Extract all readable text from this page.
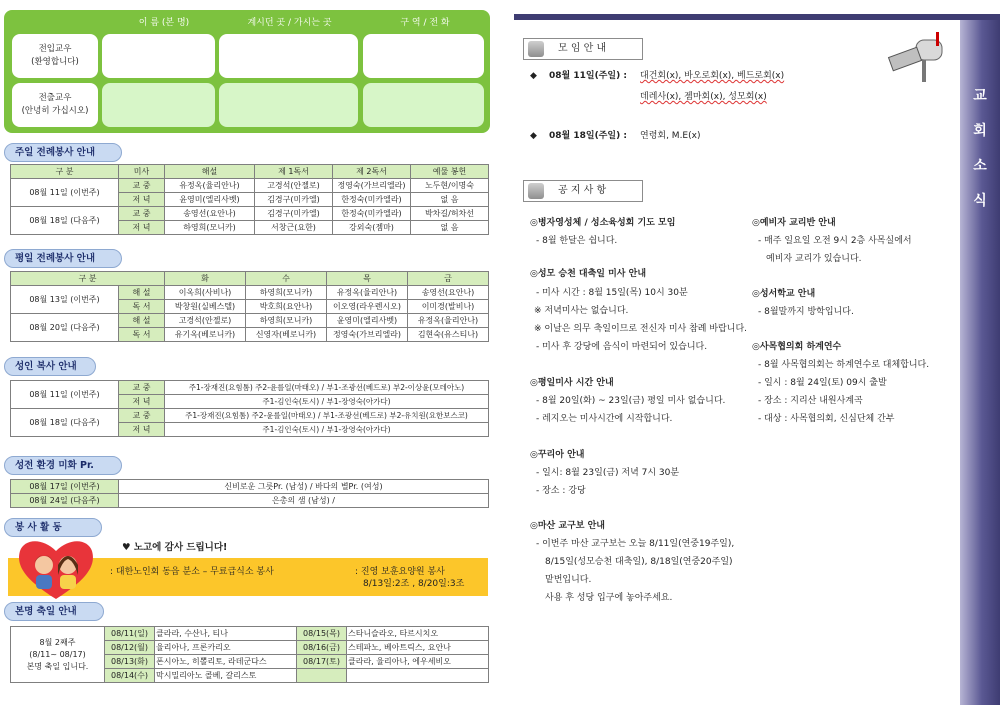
이 름 (본 명)	계시던 곳 / 가시는 곳	구 역 / 전 화
전입교우
(환영합니다)
전출교우
(안녕히 가십시오)
주일 전례봉사 안내
구 분	미사	해설	제 1독서	제 2독서	예물 봉헌
08월 11일 (이번주)	교 중	유정옥(율리안나)	고경석(안젤로)	정영숙(가브리엘라)	노두현/이명숙
	저 녁	윤영미(엘리사벳)	김경구(미카엘)	한정숙(미카엘라)	없 음
08월 18일 (다음주)	교 중	송영선(요안나)	김경구(미카엘)	한정숙(미카엘라)	박차길/허차선
	저 녁	하영희(모니카)	서창근(요한)	강외숙(젬마)	없 음
평일 전례봉사 안내
구 분		화	수	목	금
08월 13일 (이번주)	해 설	이옥희(사비나)	하영희(모니카)	유정옥(율리안나)	송영선(요안나)
	독 서	박창원(실베스텔)	박호희(요안나)	이오영(라우렌시오)	이미경(발비나)
08월 20일 (다음주)	해 설	고경석(안젤로)	하영희(모니카)	윤영미(엘리사벳)	유정옥(율리안나)
	독 서	유기옥(베로니카)	신영자(베로니카)	정영숙(가브리엘라)	김현숙(유스티나)
성인 복사 안내
08월 11일 (이번주)	교 중	주1-장재진(요힘톰) 주2-윤를일(마태오) / 부1-조광선(베드로) 부2-이상윤(모데아노)
	저 녁	주1-김인숙(토시) / 부1-장영숙(아가다)
08월 18일 (다음주)	교 중	주1-장재진(요힘톰) 주2-윤를일(마태오) / 부1-조광선(베드로) 부2-유치원(요한보스코)
	저 녁	주1-김인숙(토시) / 부1-장영숙(아가다)
성전 환경 미화 Pr.
08월 17일 (이번주)	신비로운 그릇Pr. (남성) / 바다의 별Pr. (여성)
08월 24일 (다음주)	은총의 샘 (남성) /
봉 사 활 동
♥ 노고에 감사 드립니다!
: 대한노인회 동읍 분소 – 무료급식소 봉사	: 진영 보훈요양원 봉사
8/13일:2조 , 8/20일:3조
본명 축일 안내
8월 2째주
(8/11~ 08/17)
본명 축일 입니다.	08/11(일)	클라라, 수산나, 티나	08/15(목)	스타니슬라오, 타르시치오
	08/12(월)	율리아나, 프론카리오	08/16(금)	스테파노, 베아트릭스, 요안나
	08/13(화)	폰시아노, 히뽈리토, 라데군다스	08/17(토)	클라라, 율리아나, 에우세비오
	08/14(수)	막시밀리아노 콜베, 갈리스토		
교
회
소
식
모 임 안 내
◆ 08월 11일(주일) : 대건회(x), 바오로회(x), 베드로회(x)
데레사(x), 젬마회(x), 성모회(x)
◆ 08월 18일(주일) : 연령회, M.E(x)
공 지 사 항
◎병자영성체 / 성소육성회 기도 모임
- 8월 한달은 쉽니다.
◎성모 승천 대축일 미사 안내
- 미사 시간 : 8월 15일(목) 10시 30분
※ 저녁미사는 없습니다.
※ 이날은 의무 축일이므로 전신자 미사 참례 바랍니다.
- 미사 후 강당에 음식이 마련되어 있습니다.
◎평일미사 시간 안내
- 8월 20일(화) ~ 23일(금) 평일 미사 없습니다.
- 레지오는 미사시간에 시작합니다.
◎꾸리아 안내
- 일시: 8월 23일(금) 저녁 7시 30분
- 장소 : 강당
◎마산 교구보 안내
- 이번주 마산 교구보는 오늘 8/11일(연중19주일),
8/15일(성모승천 대축일), 8/18일(연중20주일)
맡번입니다.
사용 후 성당 입구에 놓아주세요.
◎예비자 교리반 안내
- 매주 일요일 오전 9시 2층 사목실에서
예비자 교리가 있습니다.
◎성서학교 안내
- 8월말까지 방학입니다.
◎사목협의회 하계연수
- 8월 사목협의회는 하계연수로 대체합니다.
- 일시 : 8월 24일(토) 09시 출발
- 장소 : 지리산 내원사계곡
- 대상 : 사목협의회, 신심단체 간부
